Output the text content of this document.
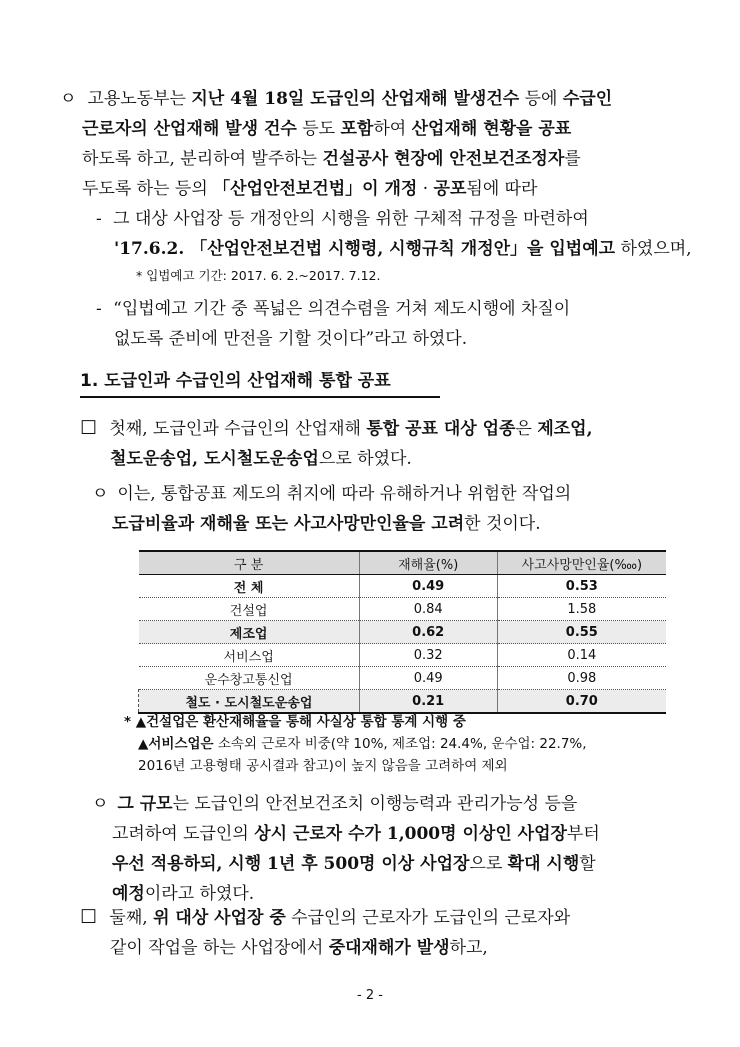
ㅇ 고용노동부는 지난 4월 18일 도급인의 산업재해 발생건수 등에 수급인
근로자의 산업재해 발생 건수 등도 포함하여 산업재해 현황을 공표
하도록 하고, 분리하여 발주하는 건설공사 현장에 안전보건조정자를
두도록 하는 등의 「산업안전보건법」이 개정 · 공포됨에 따라
- 그 대상 사업장 등 개정안의 시행을 위한 구체적 규정을 마련하여
'17.6.2. 「산업안전보건법 시행령, 시행규칙 개정안」을 입법예고 하였으며,
* 입법예고 기간: 2017. 6. 2.~2017. 7.12.
- “입법예고 기간 중 폭넓은 의견수렴을 거쳐 제도시행에 차질이
없도록 준비에 만전을 기할 것이다”라고 하였다.
1. 도급인과 수급인의 산업재해 통합 공표
☐ 첫째, 도급인과 수급인의 산업재해 통합 공표 대상 업종은 제조업,
철도운송업, 도시철도운송업으로 하였다.
ㅇ 이는, 통합공표 제도의 취지에 따라 유해하거나 위험한 작업의
도급비율과 재해율 또는 사고사망만인율을 고려한 것이다.
구 분	재해율(%)	사고사망만인율(‱)
전 체	0.49	0.53
건설업	0.84	1.58
제조업	0.62	0.55
서비스업	0.32	0.14
운수창고통신업	0.49	0.98
철도 · 도시철도운송업	0.21	0.70
* ▲건설업은 환산재해율을 통해 사실상 통합 통계 시행 중
▲서비스업은 소속외 근로자 비중(약 10%, 제조업: 24.4%, 운수업: 22.7%,
2016년 고용형태 공시결과 참고)이 높지 않음을 고려하여 제외
ㅇ 그 규모는 도급인의 안전보건조치 이행능력과 관리가능성 등을
고려하여 도급인의 상시 근로자 수가 1,000명 이상인 사업장부터
우선 적용하되, 시행 1년 후 500명 이상 사업장으로 확대 시행할
예정이라고 하였다.
☐ 둘째, 위 대상 사업장 중 수급인의 근로자가 도급인의 근로자와
같이 작업을 하는 사업장에서 중대재해가 발생하고,
- 2 -
